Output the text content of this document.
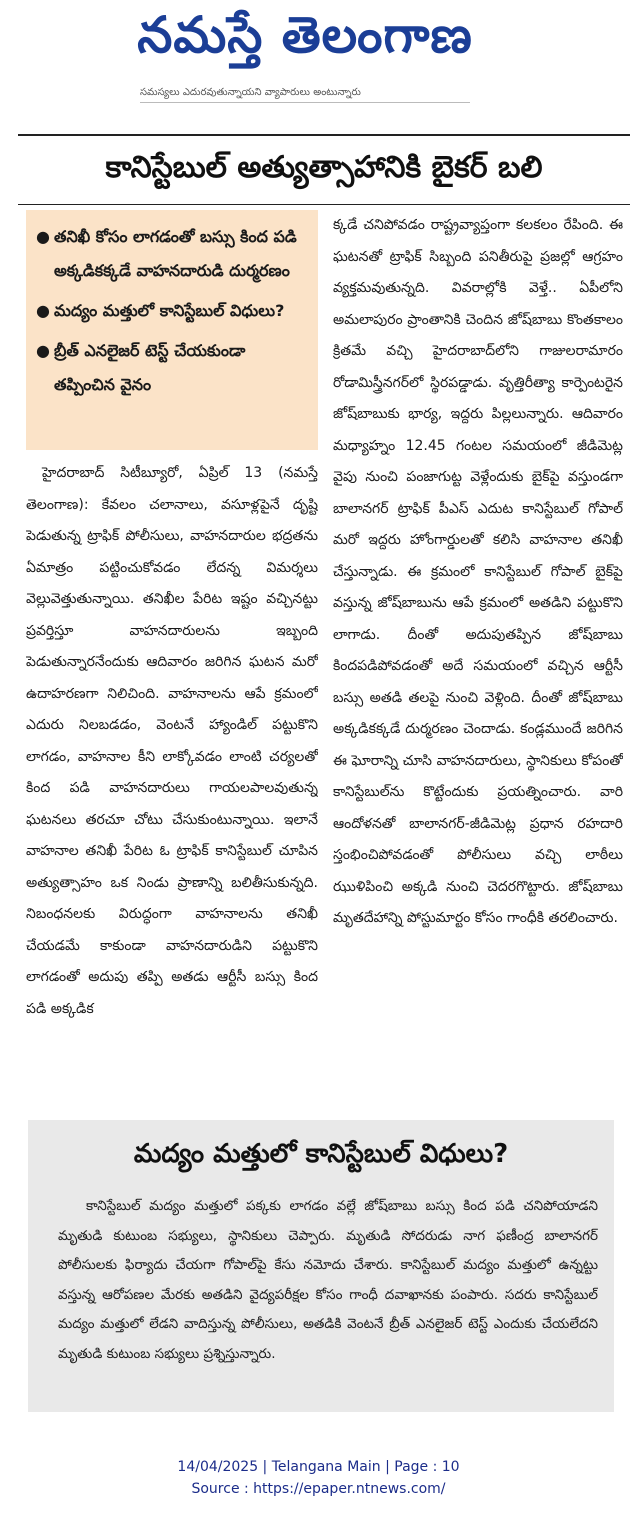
నమస్తే తెలంగాణ
సమస్యలు ఎదురవుతున్నాయని వ్యాపారులు అంటున్నారు
కానిస్టేబుల్ అత్యుత్సాహానికి బైకర్ బలి
● తనిఖీ కోసం లాగడంతో బస్సు కింద పడి అక్కడికక్కడే వాహనదారుడి దుర్మరణం
● మద్యం మత్తులో కానిస్టేబుల్ విధులు?
● బ్రీత్ ఎనలైజర్ టెస్ట్ చేయకుండా తప్పించిన వైనం

హైదరాబాద్ సిటీబ్యూరో, ఏప్రిల్ 13 (నమస్తే తెలంగాణ): కేవలం చలానాలు, వసూళ్లపైనే దృష్టి పెడుతున్న ట్రాఫిక్ పోలీసులు, వాహనదారుల భద్రతను ఏమాత్రం పట్టించుకోవడం లేదన్న విమర్శలు వెల్లువెత్తుతున్నాయి. తనిఖీల పేరిట ఇష్టం వచ్చినట్టు ప్రవర్తిస్తూ వాహనదారులను ఇబ్బంది పెడుతున్నారనేందుకు ఆదివారం జరిగిన ఘటన మరో ఉదాహరణగా నిలిచింది. వాహనాలను ఆపే క్రమంలో ఎదురు నిలబడడం, వెంటనే హ్యాండిల్ పట్టుకొని లాగడం, వాహనాల కీని లాక్కోవడం లాంటి చర్యలతో కింద పడి వాహనదారులు గాయలపాలవుతున్న ఘటనలు తరచూ చోటు చేసుకుంటున్నాయి. ఇలానే వాహనాల తనిఖీ పేరిట ఓ ట్రాఫిక్ కానిస్టేబుల్ చూపిన అత్యుత్సాహం ఒక నిండు ప్రాణాన్ని బలితీసుకున్నది. నిబంధనలకు విరుద్ధంగా వాహనాలను తనిఖీ చేయడమే కాకుండా వాహనదారుడిని పట్టుకొని లాగడంతో అదుపు తప్పి అతడు ఆర్టీసీ బస్సు కింద పడి అక్కడిక

క్కడే చనిపోవడం రాష్ట్రవ్యాప్తంగా కలకలం రేపింది. ఈ ఘటనతో ట్రాఫిక్ సిబ్బంది పనితీరుపై ప్రజల్లో ఆగ్రహం వ్యక్తమవుతున్నది. వివరాల్లోకి వెళ్తే.. ఏపీలోని అమలాపురం ప్రాంతానికి చెందిన జోష్‌బాబు కొంతకాలం క్రితమే వచ్చి హైదరాబాద్‌లోని గాజులరామారం రోడామిస్త్రీనగర్‌లో స్థిరపడ్డాడు. వృత్తిరీత్యా కార్పెంటరైన జోష్‌బాబుకు భార్య, ఇద్దరు పిల్లలున్నారు. ఆదివారం మధ్యాహ్నం 12.45 గంటల సమయంలో జీడిమెట్ల వైపు నుంచి పంజాగుట్ట వెళ్లేందుకు బైక్‌పై వస్తుండగా బాలానగర్ ట్రాఫిక్ పీఎస్ ఎదుట కానిస్టేబుల్ గోపాల్ మరో ఇద్దరు హోంగార్డులతో కలిసి వాహనాల తనిఖీ చేస్తున్నాడు. ఈ క్రమంలో కానిస్టేబుల్ గోపాల్ బైక్‌పై వస్తున్న జోష్‌బాబును ఆపే క్రమంలో అతడిని పట్టుకొని లాగాడు. దీంతో అదుపుతప్పిన జోష్‌బాబు కిందపడిపోవడంతో అదే సమయంలో వచ్చిన ఆర్టీసీ బస్సు అతడి తలపై నుంచి వెళ్లింది. దీంతో జోష్‌బాబు అక్కడికక్కడే దుర్మరణం చెందాడు. కండ్లముందే జరిగిన ఈ ఘోరాన్ని చూసి వాహనదారులు, స్థానికులు కోపంతో కానిస్టేబుల్‌ను కొట్టేందుకు ప్రయత్నించారు. వారి ఆందోళనతో బాలానగర్-జీడిమెట్ల ప్రధాన రహదారి స్తంభించిపోవడంతో పోలీసులు వచ్చి లాఠీలు ఝుళిపించి అక్కడి నుంచి చెదరగొట్టారు. జోష్‌బాబు మృతదేహాన్ని పోస్టుమార్టం కోసం గాంధీకి తరలించారు.

మద్యం మత్తులో కానిస్టేబుల్ విధులు?

కానిస్టేబుల్ మద్యం మత్తులో పక్కకు లాగడం వల్లే జోష్‌బాబు బస్సు కింద పడి చనిపోయాడని మృతుడి కుటుంబ సభ్యులు, స్థానికులు చెప్పారు. మృతుడి సోదరుడు నాగ ఫణీంద్ర బాలానగర్ పోలీసులకు ఫిర్యాదు చేయగా గోపాల్‌పై కేసు నమోదు చేశారు. కానిస్టేబుల్ మద్యం మత్తులో ఉన్నట్టు వస్తున్న ఆరోపణల మేరకు అతడిని వైద్యపరీక్షల కోసం గాంధీ దవాఖానకు పంపారు. సదరు కానిస్టేబుల్ మద్యం మత్తులో లేడని వాదిస్తున్న పోలీసులు, అతడికి వెంటనే బ్రీత్ ఎనలైజర్ టెస్ట్ ఎందుకు చేయలేదని మృతుడి కుటుంబ సభ్యులు ప్రశ్నిస్తున్నారు.

14/04/2025 | Telangana Main | Page : 10
Source : https://epaper.ntnews.com/
